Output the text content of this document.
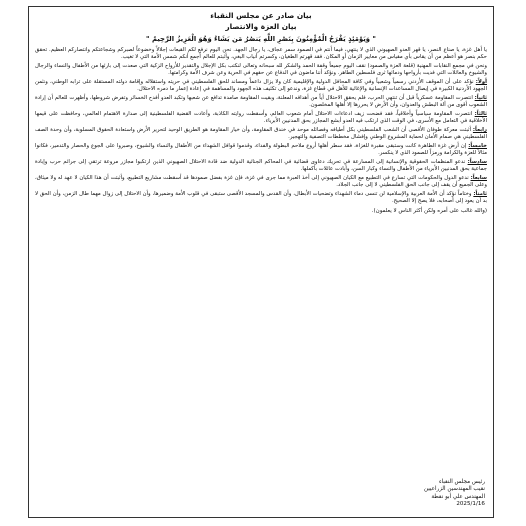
بيان صادر عن مجلس النقباء
بيان العزة والانتصار
" وَيَوْمَئِذٍ يَفْرَحُ الْمُؤْمِنُونَ بِنَصْرِ اللَّهِ يَنصُرُ مَن يَشَاءُ وَهُوَ الْعَزِيزُ الرَّحِيمُ "

يا أهل غزة، يا صناع النصر، يا قهر العدو الصهيوني الذي لا ينتهي، فيما أنتم في الصمود سمر عجاف، يا رجال الجهد. نحن اليوم نرفع لكم القبعات إجلالاً وخضوعاً لصبركم وشجاعتكم وانتصاركم العظيم. تحقق حكم بنصر هو أعظم من أن يقاس بأي مقياس من معايير الزمان أو المكان. فقد قهرتم الطغيان، وكسرتم أنياب البغي، وأثبتم للعالم أجمع أنكم شمس الأمة التي لا تغيب.

ونحن في مجمع النقابات المهنية (قلعة العزة والصمود) نقف اليوم جميعاً وقفة الحمد والشكر لله سبحانه وتعالى لنكتب بكل الإجلال والتقدير للأرواح الزكية التي صعدت إلى بارئها من الأطفال والنساء والرجال والشيوخ والعائلات التي فديت بأرواحها ودمائها ثرى فلسطين الطاهر. ونؤكد أننا ماضون في الدفاع عن حقهم في الحرية وعن شرف الأمة وكرامتها.

أولاً: نؤكد على أن الموقف الأردني رسمياً وشعبياً وفي كافة المحافل الدولية والإقليمية كان ولا يزال داعماً ومساند للحق الفلسطيني في حريته واستقلاله وإقامة دولته المستقلة على ترابه الوطني، ونثمن الجهود الأردنية الكبيرة في إيصال المساعدات الإنسانية والإغاثية للأهل في قطاع غزة، وندعو إلى تكثيف هذه الجهود والمساهمة في إعادة إعمار ما دمره الاحتلال.

ثانياً: انتصرت المقاومة عسكرياً قبل أن تنتهي الحرب، فلم يحقق الاحتلال أياً من أهدافه المعلنة، وبقيت المقاومة صامدة تدافع عن شعبها وتكبد العدو أفدح الخسائر وتفرض شروطها، وأظهرت للعالم أن إرادة الشعوب أقوى من آلة البطش والعدوان، وأن الأرض لا يحررها إلا أهلها المخلصون.

ثالثاً: انتصرت المقاومة سياسياً وأخلاقياً، فقد فضحت زيف ادعاءات الاحتلال أمام شعوب العالم، وأسقطت روايته الكاذبة، وأعادت القضية الفلسطينية إلى صدارة الاهتمام العالمي، وحافظت على قيمها الأخلاقية في التعامل مع الأسرى، في الوقت الذي ارتكب فيه العدو أبشع المجازر بحق المدنيين الأبرياء.

رابعاً: أثبتت معركة طوفان الأقصى أن الشعب الفلسطيني بكل أطيافه وفصائله موحد في خندق المقاومة، وأن خيار المقاومة هو الطريق الوحيد لتحرير الأرض واستعادة الحقوق المسلوبة، وأن وحدة الصف الفلسطيني هي صمام الأمان لحماية المشروع الوطني وإفشال مخططات التصفية والتهجير.

خامساً: إن أرض غزة الطاهرة كانت وستبقى مقبرة للغزاة، فقد سطر أهلها أروع ملاحم البطولة والفداء، وقدموا قوافل الشهداء من الأطفال والنساء والشيوخ، وصبروا على الجوع والحصار والتدمير، فكانوا مثالاً للعزة والكرامة ورمزاً للصمود الذي لا ينكسر.

سادساً: ندعو المنظمات الحقوقية والإنسانية إلى المسارعة في تحريك دعاوى قضائية في المحاكم الجنائية الدولية ضد قادة الاحتلال الصهيوني الذين ارتكبوا مجازر مروعة ترتقي إلى جرائم حرب وإبادة جماعية بحق المدنيين الأبرياء من الأطفال والنساء وكبار السن، وأبادت عائلات بأكملها.

سابعاً: ندعو الدول والحكومات التي تسارع في التطبيع مع الكيان الصهيوني إلى أخذ العبرة مما جرى في غزة، فإن غزة بفضل صمودها قد أسقطت مشاريع التطبيع، وأثبتت أن هذا الكيان لا عهد له ولا ميثاق، وعلى الجميع أن يقف إلى جانب الحق الفلسطيني لا إلى جانب الجلاد.

ثامناً: وختاماً نؤكد أن الأمة العربية والإسلامية لن تنسى دماء الشهداء وتضحيات الأبطال، وأن القدس والمسجد الأقصى ستبقى في قلوب الأمة وضميرها، وأن الاحتلال إلى زوال مهما طال الزمن، وأن الحق لا بد أن يعود إلى أصحابه، فلا يصح إلا الصحيح.

(والله غالب على أمره ولكن أكثر الناس لا يعلمون).
رئيس مجلس النقباء
نقيب المهندسين الزراعيين
المهندس علي أبو نقطة
2025/1/16
